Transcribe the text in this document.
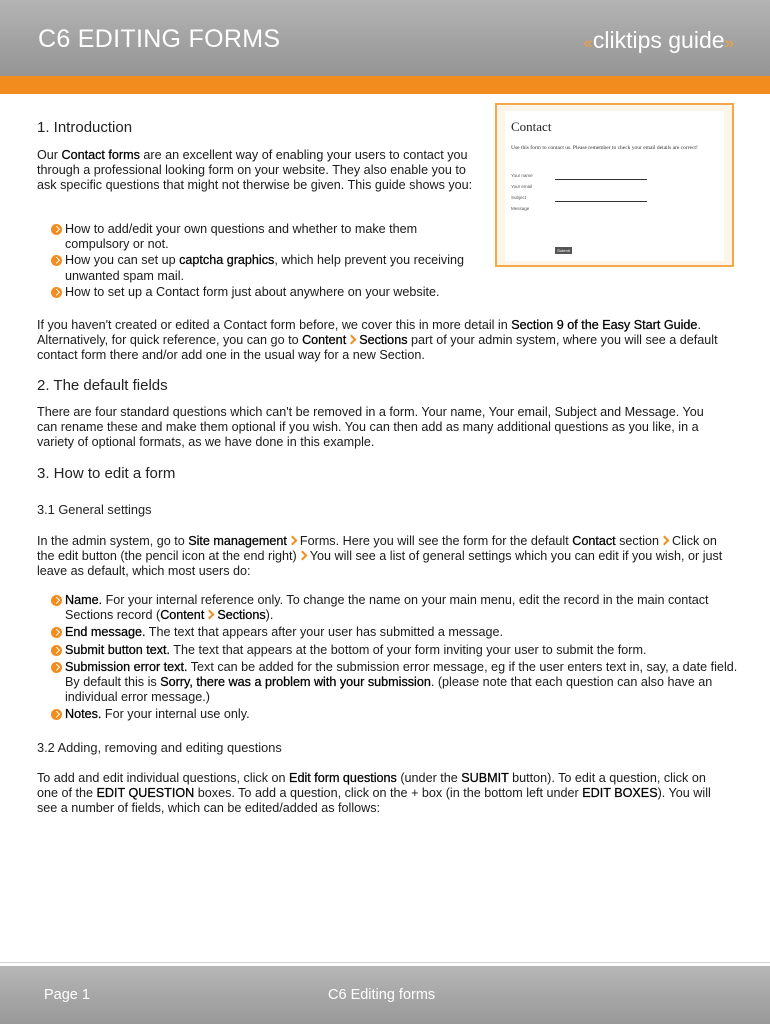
C6 EDITING FORMS	«cliktips guide»
Contact
Use this form to contact us. Please remember to check your email details are correct!
Your name
Your email
Subject
Message
Submit
1. Introduction

Our Contact forms are an excellent way of enabling your users to contact you through a professional looking form on your website. They also enable you to ask specific questions that might not therwise be given. This guide shows you:

How to add/edit your own questions and whether to make them compulsory or not.
How you can set up captcha graphics, which help prevent you receiving unwanted spam mail.
How to set up a Contact form just about anywhere on your website.

If you haven't created or edited a Contact form before, we cover this in more detail in Section 9 of the Easy Start Guide. Alternatively, for quick reference, you can go to Content Sections part of your admin system, where you will see a default contact form there and/or add one in the usual way for a new Section.

2. The default fields

There are four standard questions which can't be removed in a form. Your name, Your email, Subject and Message. You can rename these and make them optional if you wish. You can then add as many additional questions as you like, in a variety of optional formats, as we have done in this example.

3. How to edit a form
3.1 General settings

In the admin system, go to Site management Forms. Here you will see the form for the default Contact section Click on the edit button (the pencil icon at the end right) You will see a list of general settings which you can edit if you wish, or just leave as default, which most users do:

Name. For your internal reference only. To change the name on your main menu, edit the record in the main contact Sections record (Content Sections).
End message. The text that appears after your user has submitted a message.
Submit button text. The text that appears at the bottom of your form inviting your user to submit the form.
Submission error text. Text can be added for the submission error message, eg if the user enters text in, say, a date field. By default this is Sorry, there was a problem with your submission. (please note that each question can also have an individual error message.)
Notes. For your internal use only.
3.2 Adding, removing and editing questions

To add and edit individual questions, click on Edit form questions (under the SUBMIT button). To edit a question, click on one of the EDIT QUESTION boxes. To add a question, click on the + box (in the bottom left under EDIT BOXES). You will see a number of fields, which can be edited/added as follows:

Page 1	C6 Editing forms
